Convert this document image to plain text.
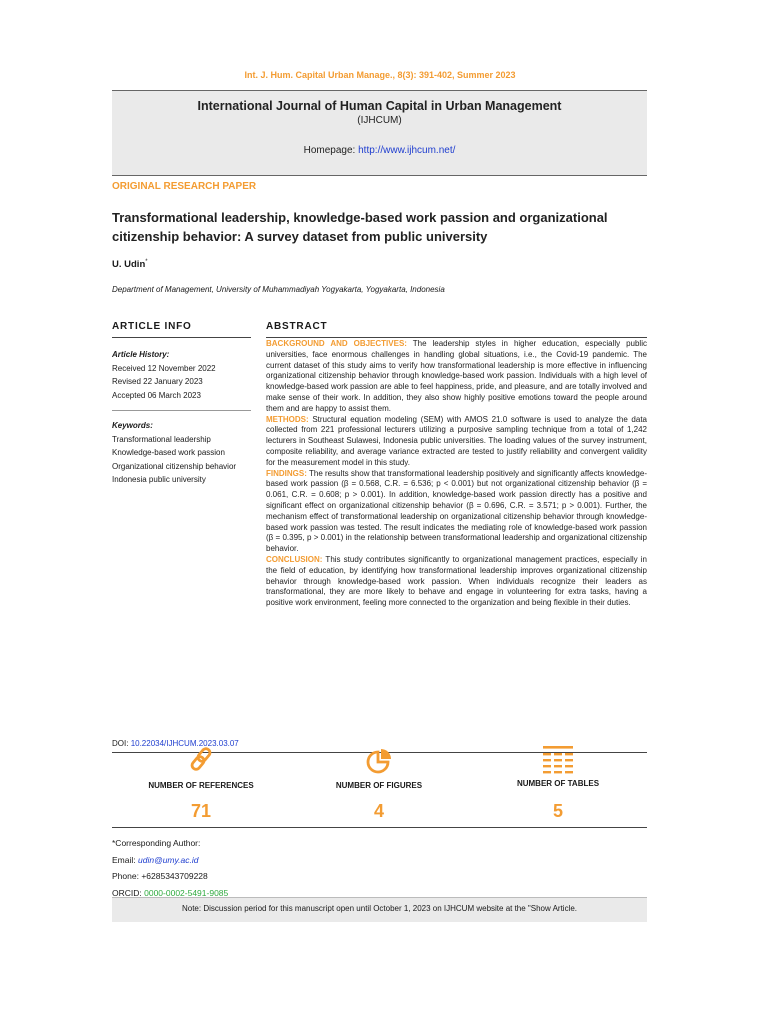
Int. J. Hum. Capital Urban Manage., 8(3): 391-402, Summer 2023
International Journal of Human Capital in Urban Management
(IJHCUM)
Homepage: http://www.ijhcum.net/
ORIGINAL RESEARCH PAPER
Transformational leadership, knowledge-based work passion and organizational citizenship behavior: A survey dataset from public university
U. Udin*
Department of Management, University of Muhammadiyah Yogyakarta, Yogyakarta, Indonesia
ARTICLE INFO	ABSTRACT
Article History:
Received 12 November 2022
Revised 22 January 2023
Accepted 06 March 2023
Keywords:
Transformational leadership
Knowledge-based work passion
Organizational citizenship behavior
Indonesia public university
BACKGROUND AND OBJECTIVES: The leadership styles in higher education, especially public universities, face enormous challenges in handling global situations, i.e., the Covid-19 pandemic. The current dataset of this study aims to verify how transformational leadership is more effective in influencing organizational citizenship behavior through knowledge-based work passion. Individuals with a high level of knowledge-based work passion are able to feel happiness, pride, and pleasure, and are totally involved and make sense of their work. In addition, they also show highly positive emotions toward the people around them and are happy to assist them.
METHODS: Structural equation modeling (SEM) with AMOS 21.0 software is used to analyze the data collected from 221 professional lecturers utilizing a purposive sampling technique from a total of 1,242 lecturers in Southeast Sulawesi, Indonesia public universities. The loading values of the survey instrument, composite reliability, and average variance extracted are tested to justify reliability and convergent validity for the measurement model in this study.
FINDINGS: The results show that transformational leadership positively and significantly affects knowledge-based work passion (β = 0.568, C.R. = 6.536; p < 0.001) but not organizational citizenship behavior (β = 0.061, C.R. = 0.608; p > 0.001). In addition, knowledge-based work passion directly has a positive and significant effect on organizational citizenship behavior (β = 0.696, C.R. = 3.571; p > 0.001). Further, the mechanism effect of transformational leadership on organizational citizenship behavior through knowledge-based work passion was tested. The result indicates the mediating role of knowledge-based work passion (β = 0.395, p > 0.001) in the relationship between transformational leadership and organizational citizenship behavior.
CONCLUSION: This study contributes significantly to organizational management practices, especially in the field of education, by identifying how transformational leadership improves organizational citizenship behavior through knowledge-based work passion. When individuals recognize their leaders as transformational, they are more likely to behave and engage in volunteering for extra tasks, having a positive work environment, feeling more connected to the organization and being flexible in their duties.
DOI: 10.22034/IJHCUM.2023.03.07
NUMBER OF REFERENCES	NUMBER OF FIGURES	NUMBER OF TABLES
71	4	5
*Corresponding Author:
Email: udin@umy.ac.id
Phone: +6285343709228
ORCID: 0000-0002-5491-9085
Note: Discussion period for this manuscript open until October 1, 2023 on IJHCUM website at the "Show Article.
